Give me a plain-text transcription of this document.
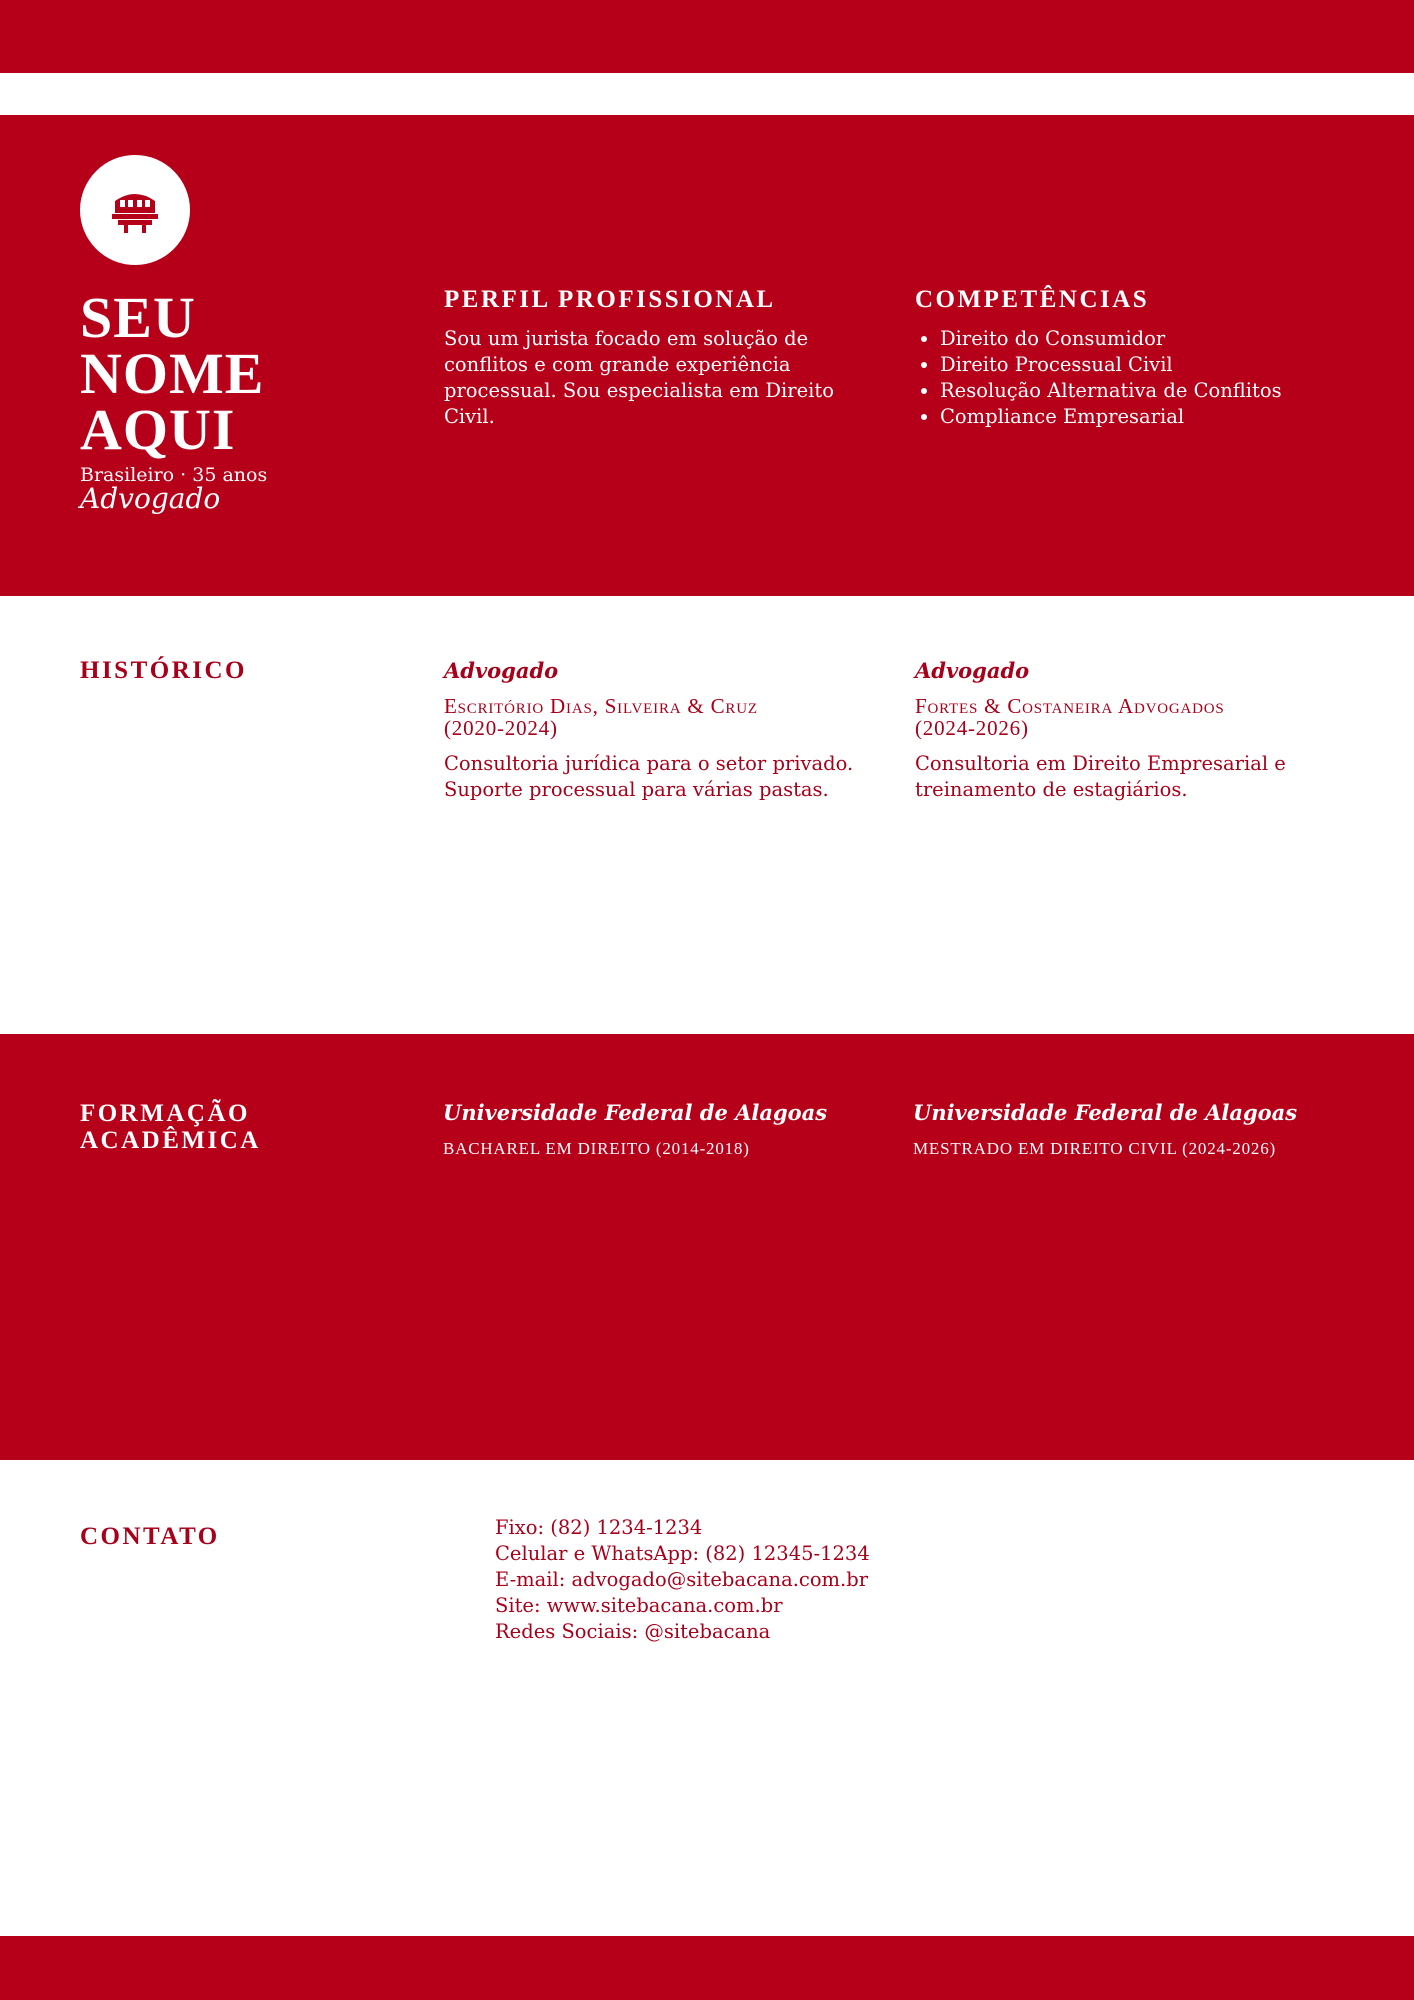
SEU
NOME
AQUI
Brasileiro · 35 anos
Advogado
PERFIL PROFISSIONAL

Sou um jurista focado em solução de conflitos e com grande experiência processual. Sou especialista em Direito Civil.

COMPETÊNCIAS
• Direito do Consumidor
• Direito Processual Civil
• Resolução Alternativa de Conflitos
• Compliance Empresarial
HISTÓRICO	Advogado

Escritório Dias, Silveira & Cruz

(2020-2024)

Consultoria jurídica para o setor privado. Suporte processual para várias pastas.

Advogado

Fortes & Costaneira Advogados

(2024-2026)

Consultoria em Direito Empresarial e treinamento de estagiários.

FORMAÇÃO
ACADÊMICA

Universidade Federal de Alagoas

BACHAREL EM DIREITO (2014-2018)

Universidade Federal de Alagoas

MESTRADO EM DIREITO CIVIL (2024-2026)

CONTATO	Fixo: (82) 1234-1234
Celular e WhatsApp: (82) 12345-1234
E-mail: advogado@sitebacana.com.br
Site: www.sitebacana.com.br
Redes Sociais: @sitebacana
